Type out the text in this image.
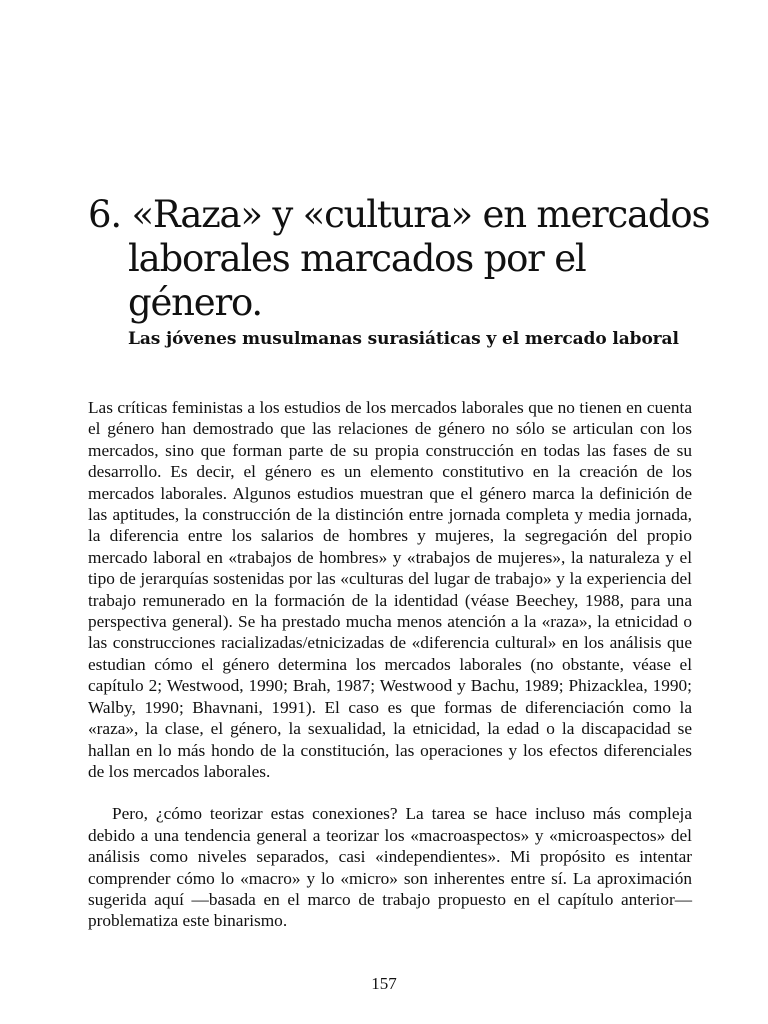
6. «Raza» y «cultura» en mercados
laborales marcados por el
género.
Las jóvenes musulmanas surasiáticas y el mercado laboral

Las críticas feministas a los estudios de los mercados laborales que no tienen en cuenta el género han demostrado que las relaciones de género no sólo se articulan con los mercados, sino que forman parte de su propia construcción en todas las fases de su desarrollo. Es decir, el género es un elemento constitutivo en la creación de los mercados laborales. Algunos estudios muestran que el género marca la definición de las aptitudes, la construcción de la distinción entre jornada completa y media jornada, la diferencia entre los salarios de hombres y mujeres, la segregación del propio mercado laboral en «trabajos de hombres» y «trabajos de mujeres», la naturaleza y el tipo de jerarquías sostenidas por las «culturas del lugar de trabajo» y la experiencia del trabajo remunerado en la formación de la identidad (véase Beechey, 1988, para una perspectiva general). Se ha prestado mucha menos atención a la «raza», la etnicidad o las construcciones racializadas/etnicizadas de «diferencia cultural» en los análisis que estudian cómo el género determina los mercados laborales (no obstante, véase el capítulo 2; Westwood, 1990; Brah, 1987; Westwood y Bachu, 1989; Phizacklea, 1990; Walby, 1990; Bhavnani, 1991). El caso es que formas de diferenciación como la «raza», la clase, el género, la sexualidad, la etnicidad, la edad o la discapacidad se hallan en lo más hondo de la constitución, las operaciones y los efectos diferenciales de los mercados laborales.

Pero, ¿cómo teorizar estas conexiones? La tarea se hace incluso más compleja debido a una tendencia general a teorizar los «macroaspectos» y «microaspectos» del análisis como niveles separados, casi «independientes». Mi propósito es intentar comprender cómo lo «macro» y lo «micro» son inherentes entre sí. La aproximación sugerida aquí —basada en el marco de trabajo propuesto en el capítulo anterior— problematiza este binarismo.

157
